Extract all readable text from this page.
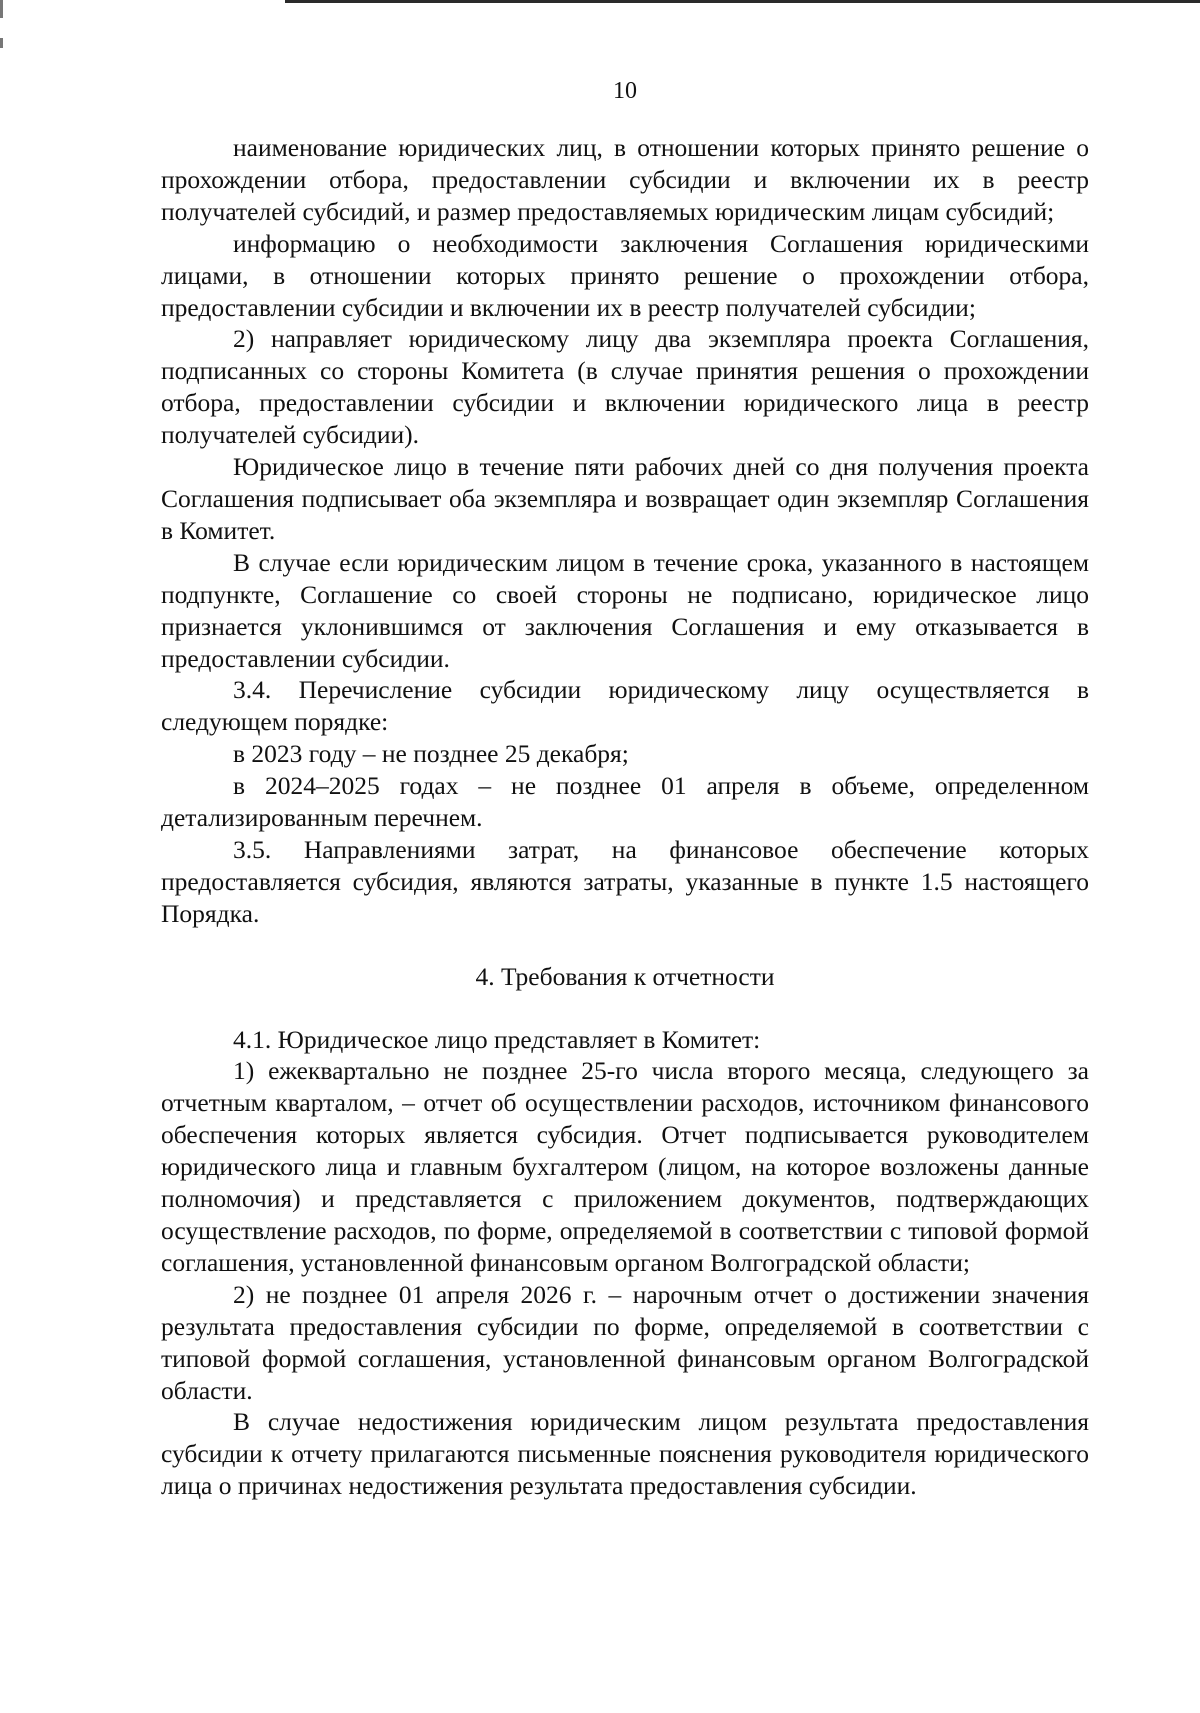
10

наименование юридических лиц, в отношении которых принято решение о прохождении отбора, предоставлении субсидии и включении их в реестр получателей субсидий, и размер предоставляемых юридическим лицам субсидий;

информацию о необходимости заключения Соглашения юридическими лицами, в отношении которых принято решение о прохождении отбора, предоставлении субсидии и включении их в реестр получателей субсидии;

2) направляет юридическому лицу два экземпляра проекта Соглашения, подписанных со стороны Комитета (в случае принятия решения о прохождении отбора, предоставлении субсидии и включении юридического лица в реестр получателей субсидии).

Юридическое лицо в течение пяти рабочих дней со дня получения проекта Соглашения подписывает оба экземпляра и возвращает один экземпляр Соглашения в Комитет.

В случае если юридическим лицом в течение срока, указанного в настоящем подпункте, Соглашение со своей стороны не подписано, юридическое лицо признается уклонившимся от заключения Соглашения и ему отказывается в предоставлении субсидии.

3.4. Перечисление субсидии юридическому лицу осуществляется в следующем порядке:

в 2023 году – не позднее 25 декабря;

в 2024–2025 годах – не позднее 01 апреля в объеме, определенном детализированным перечнем.

3.5. Направлениями затрат, на финансовое обеспечение которых предоставляется субсидия, являются затраты, указанные в пункте 1.5 настоящего Порядка.

4. Требования к отчетности

4.1. Юридическое лицо представляет в Комитет:

1) ежеквартально не позднее 25-го числа второго месяца, следующего за отчетным кварталом, – отчет об осуществлении расходов, источником финансового обеспечения которых является субсидия. Отчет подписывается руководителем юридического лица и главным бухгалтером (лицом, на которое возложены данные полномочия) и представляется с приложением документов, подтверждающих осуществление расходов, по форме, определяемой в соответствии с типовой формой соглашения, установленной финансовым органом Волгоградской области;

2) не позднее 01 апреля 2026 г. – нарочным отчет о достижении значения результата предоставления субсидии по форме, определяемой в соответствии с типовой формой соглашения, установленной финансовым органом Волгоградской области.

В случае недостижения юридическим лицом результата предоставления субсидии к отчету прилагаются письменные пояснения руководителя юридического лица о причинах недостижения результата предоставления субсидии.
